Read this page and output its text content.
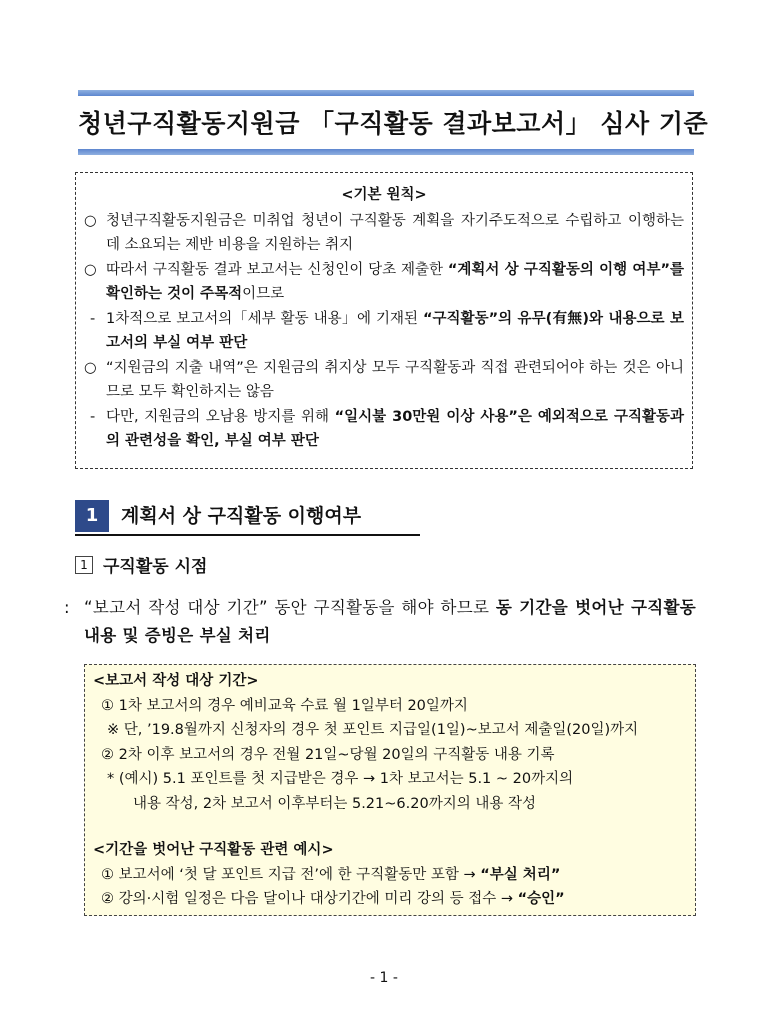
청년구직활동지원금 「구직활동 결과보고서」 심사 기준
<기본 원칙>
○ 청년구직활동지원금은 미취업 청년이 구직활동 계획을 자기주도적으로 수립하고 이행하는데 소요되는 제반 비용을 지원하는 취지
○ 따라서 구직활동 결과 보고서는 신청인이 당초 제출한 “계획서 상 구직활동의 이행 여부”를 확인하는 것이 주목적이므로
- 1차적으로 보고서의「세부 활동 내용」에 기재된 “구직활동”의 유무(有無)와 내용으로 보고서의 부실 여부 판단
○ “지원금의 지출 내역”은 지원금의 취지상 모두 구직활동과 직접 관련되어야 하는 것은 아니므로 모두 확인하지는 않음
- 다만, 지원금의 오남용 방지를 위해 “일시불 30만원 이상 사용”은 예외적으로 구직활동과의 관련성을 확인, 부실 여부 판단
1	계획서 상 구직활동 이행여부
1 구직활동 시점
: “보고서 작성 대상 기간” 동안 구직활동을 해야 하므로 동 기간을 벗어난 구직활동 내용 및 증빙은 부실 처리
<보고서 작성 대상 기간>
① 1차 보고서의 경우 예비교육 수료 월 1일부터 20일까지
※ 단, ’19.8월까지 신청자의 경우 첫 포인트 지급일(1일)~보고서 제출일(20일)까지
② 2차 이후 보고서의 경우 전월 21일~당월 20일의 구직활동 내용 기록
* (예시) 5.1 포인트를 첫 지급받은 경우 → 1차 보고서는 5.1 ~ 20까지의
내용 작성, 2차 보고서 이후부터는 5.21~6.20까지의 내용 작성
<기간을 벗어난 구직활동 관련 예시>
① 보고서에 ‘첫 달 포인트 지급 전’에 한 구직활동만 포함 → “부실 처리”
② 강의·시험 일정은 다음 달이나 대상기간에 미리 강의 등 접수 → “승인”
- 1 -
